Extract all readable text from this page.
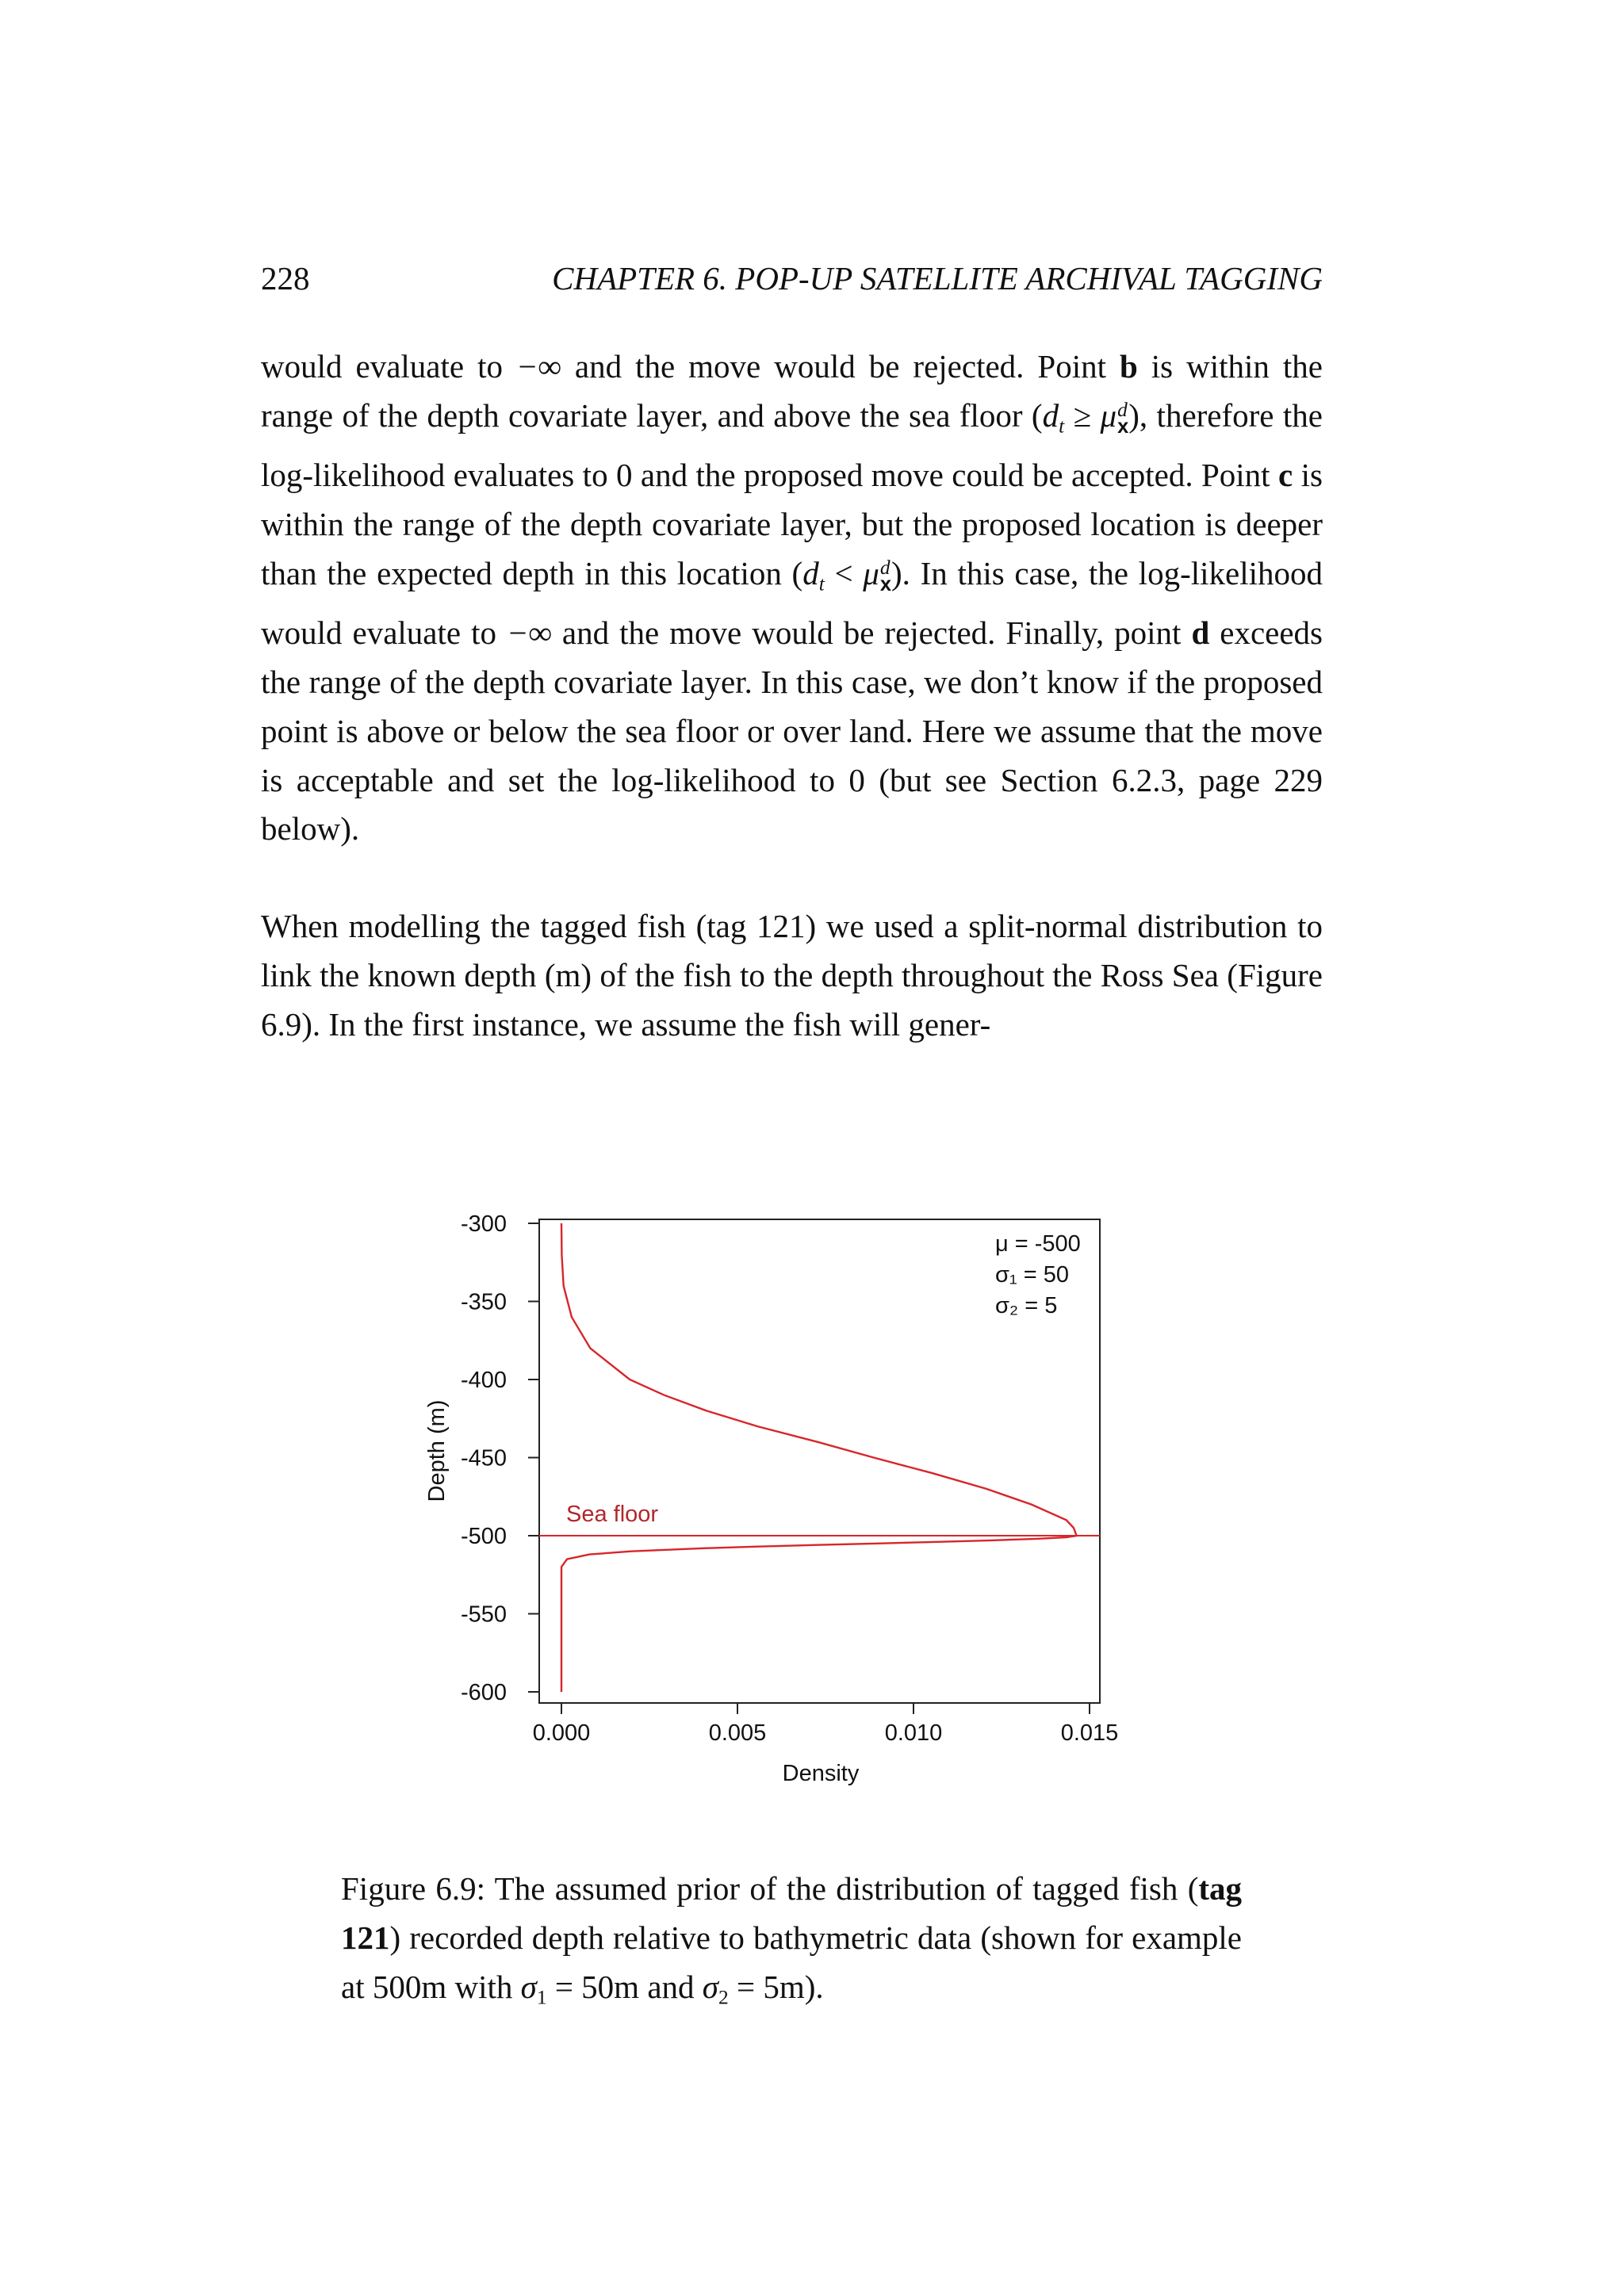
228	CHAPTER 6. POP-UP SATELLITE ARCHIVAL TAGGING

would evaluate to −∞ and the move would be rejected. Point b is within the range of the depth covariate layer, and above the sea floor ($d_t \ge \mu$ d
x ), therefore the log-likelihood evaluates to 0 and the proposed move could be accepted. Point c is within the range of the depth covariate layer, but the proposed location is deeper than the expected depth in this location ($d_t < \mu$ d
x ). In this case, the log-likelihood would evaluate to −∞ and the move would be rejected. Finally, point d exceeds the range of the depth covariate layer. In this case, we don’t know if the proposed point is above or below the sea floor or over land. Here we assume that the move is acceptable and set the log-likelihood to 0 (but see Section 6.2.3, page 229 below).

When modelling the tagged fish (tag 121) we used a split-normal distribution to link the known depth (m) of the fish to the depth throughout the Ross Sea (Figure 6.9). In the first instance, we assume the fish will gener-

-300
-350
-400
-450
-500
-550
-600
0.000	0.005	0.010	0.015
Depth (m)
Density
Sea floor
μ = -500
σ₁ = 50
σ₂ = 5

Figure 6.9: The assumed prior of the distribution of tagged fish (tag 121) recorded depth relative to bathymetric data (shown for example at 500m with $\sigma_1 = 50m$ and $\sigma_2 = 5m$).
